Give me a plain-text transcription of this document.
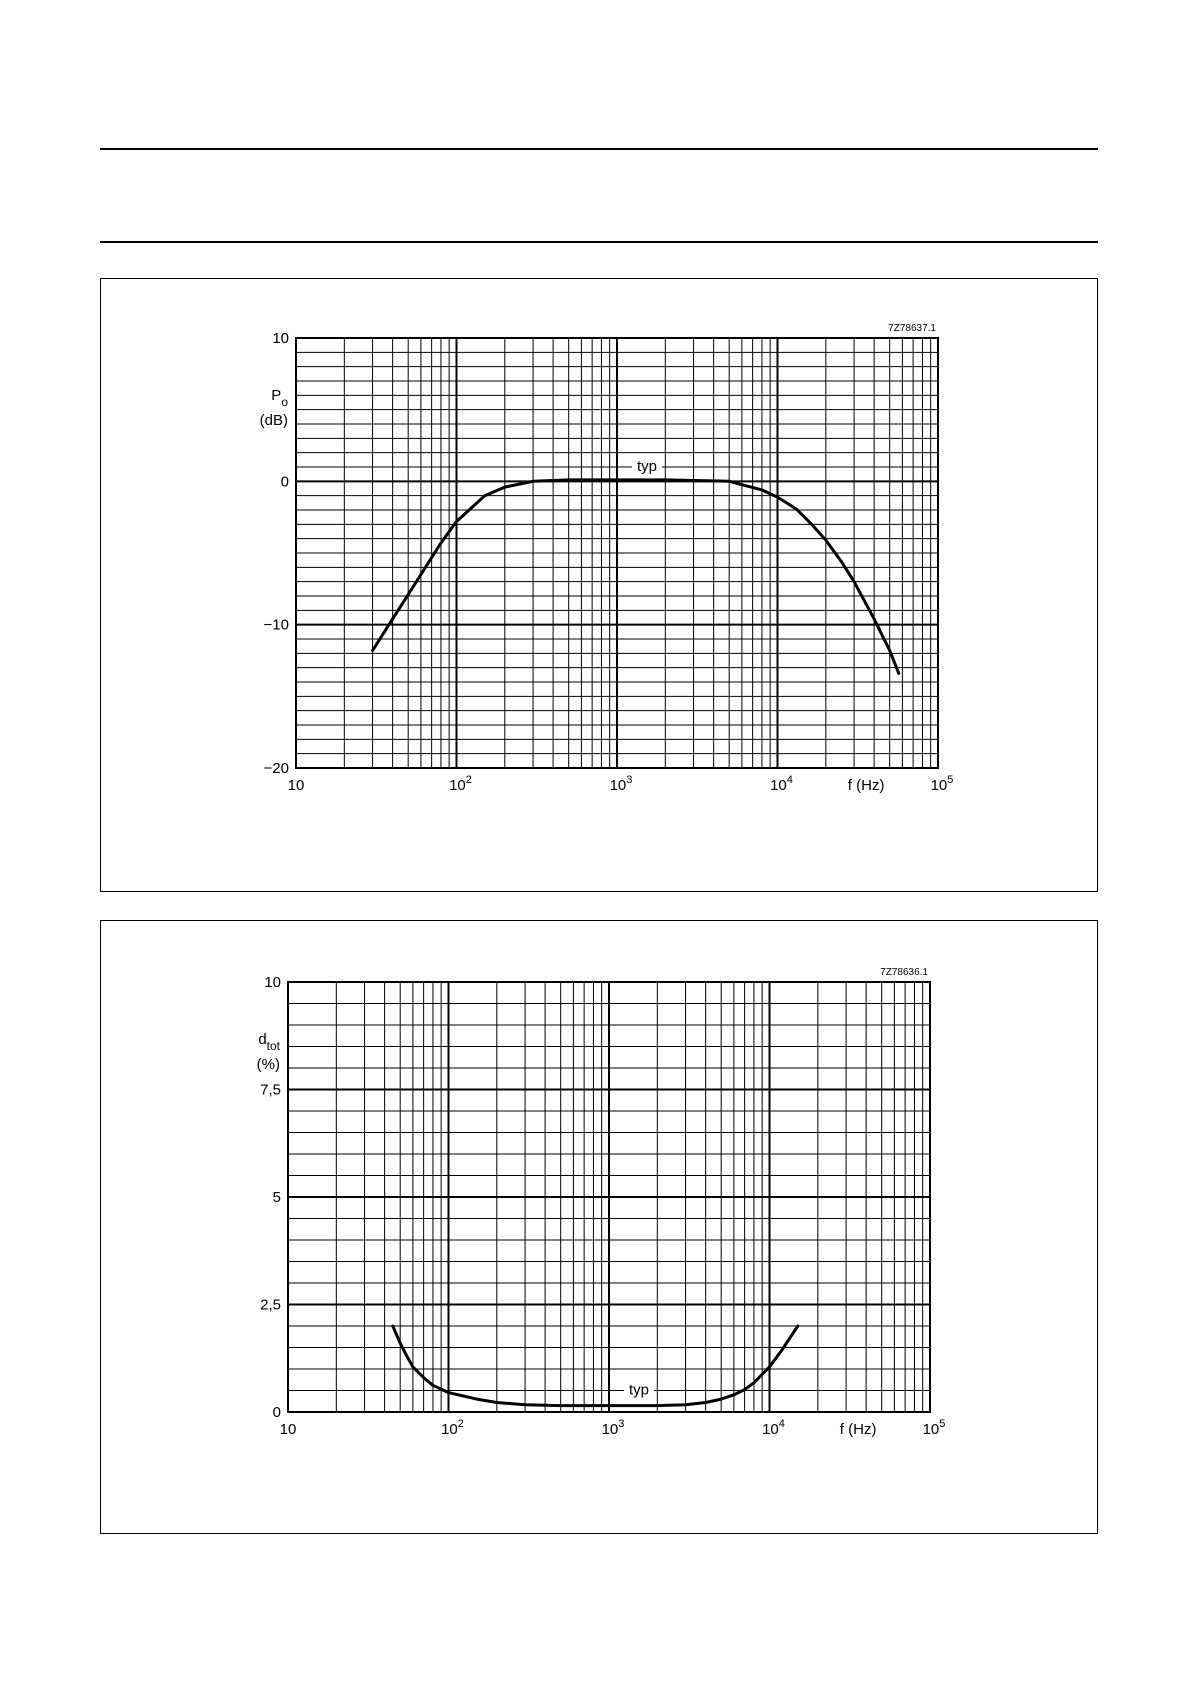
10
0
−10
−20
10	$10^2$	$10^3$	$10^4$	$10^5$
f (Hz)
$P_o$
(dB)
7Z78637.1
typ
10
7,5
5
2,5
0
10	$10^2$	$10^3$	$10^4$	$10^5$
f (Hz)
$d_{tot}$
(%)
7Z78636.1
typ
